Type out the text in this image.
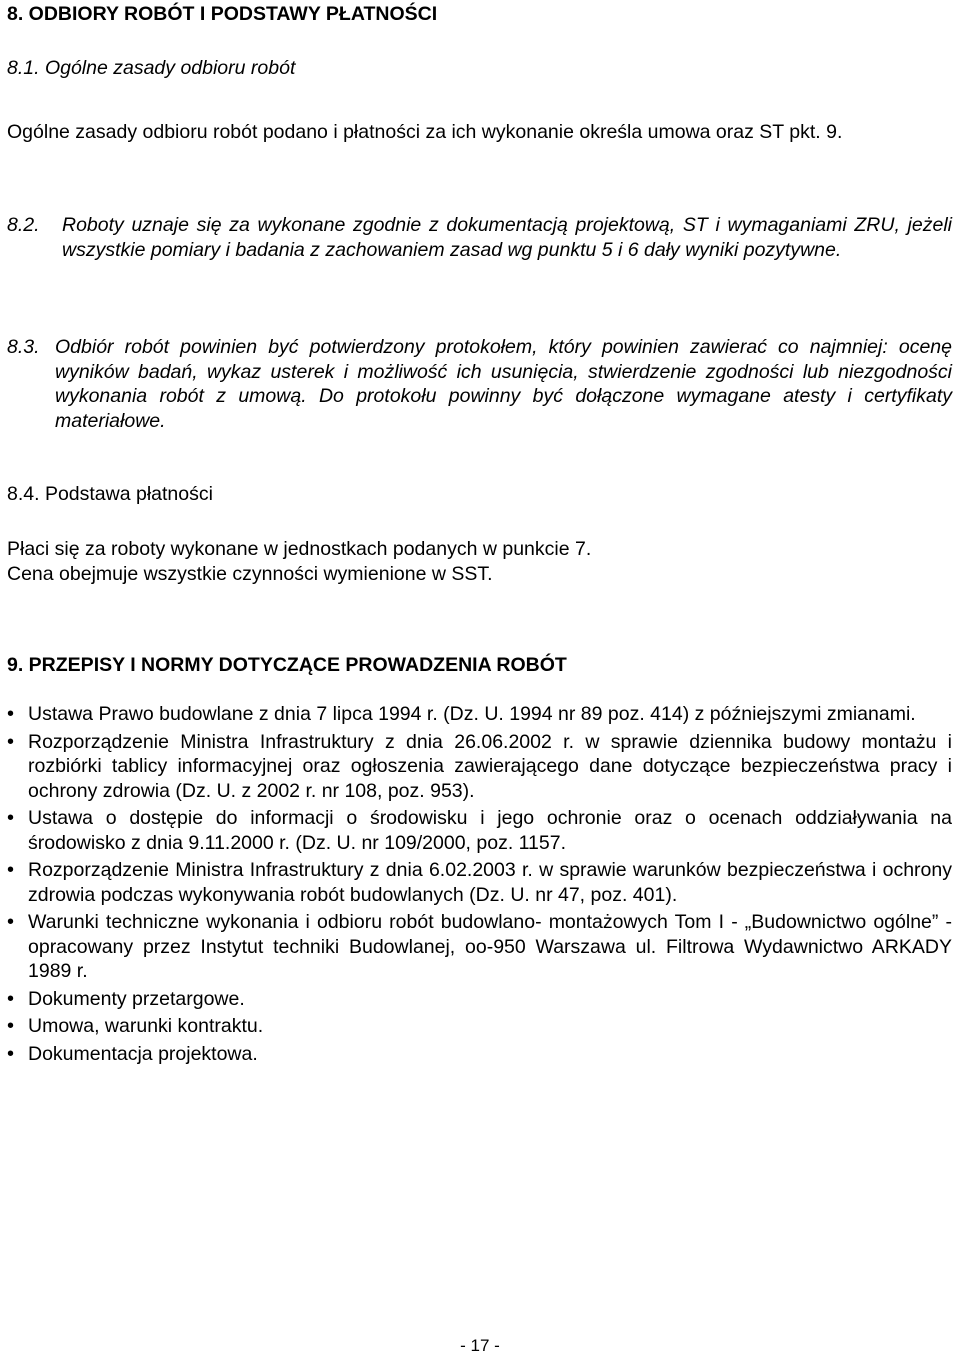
8. ODBIORY ROBÓT I PODSTAWY PŁATNOŚCI
8.1. Ogólne zasady odbioru robót
Ogólne zasady odbioru robót podano i płatności za ich wykonanie określa umowa oraz ST pkt. 9.
8.2.	Roboty uznaje się za wykonane zgodnie z dokumentacją projektową, ST i wymaganiami ZRU, jeżeli wszystkie pomiary i badania z zachowaniem zasad wg punktu 5 i 6 dały wyniki pozytywne.
8.3. Odbiór robót powinien być potwierdzony protokołem, który powinien zawierać co najmniej: ocenę wyników badań, wykaz usterek i możliwość ich usunięcia, stwierdzenie zgodności lub niezgodności wykonania robót z umową. Do protokołu powinny być dołączone wymagane atesty i certyfikaty materiałowe.
8.4. Podstawa płatności
Płaci się za roboty wykonane w jednostkach podanych w punkcie 7.
Cena obejmuje wszystkie czynności wymienione w SST.
9. PRZEPISY I NORMY DOTYCZĄCE PROWADZENIA ROBÓT
• Ustawa Prawo budowlane z dnia 7 lipca 1994 r. (Dz. U. 1994 nr 89 poz. 414) z późniejszymi zmianami.
• Rozporządzenie Ministra Infrastruktury z dnia 26.06.2002 r. w sprawie dziennika budowy montażu i rozbiórki tablicy informacyjnej oraz ogłoszenia zawierającego dane dotyczące bezpieczeństwa pracy i ochrony zdrowia (Dz. U. z 2002 r. nr 108, poz. 953).
• Ustawa o dostępie do informacji o środowisku i jego ochronie oraz o ocenach oddziaływania na środowisko z dnia 9.11.2000 r. (Dz. U. nr 109/2000, poz. 1157.
• Rozporządzenie Ministra Infrastruktury z dnia 6.02.2003 r. w sprawie warunków bezpieczeństwa i ochrony zdrowia podczas wykonywania robót budowlanych (Dz. U. nr 47, poz. 401).
• Warunki techniczne wykonania i odbioru robót budowlano- montażowych Tom I - „Budownictwo ogólne” - opracowany przez Instytut techniki Budowlanej, oo-950 Warszawa ul. Filtrowa Wydawnictwo ARKADY 1989 r.
• Dokumenty przetargowe.
• Umowa, warunki kontraktu.
• Dokumentacja projektowa.
- 17 -
